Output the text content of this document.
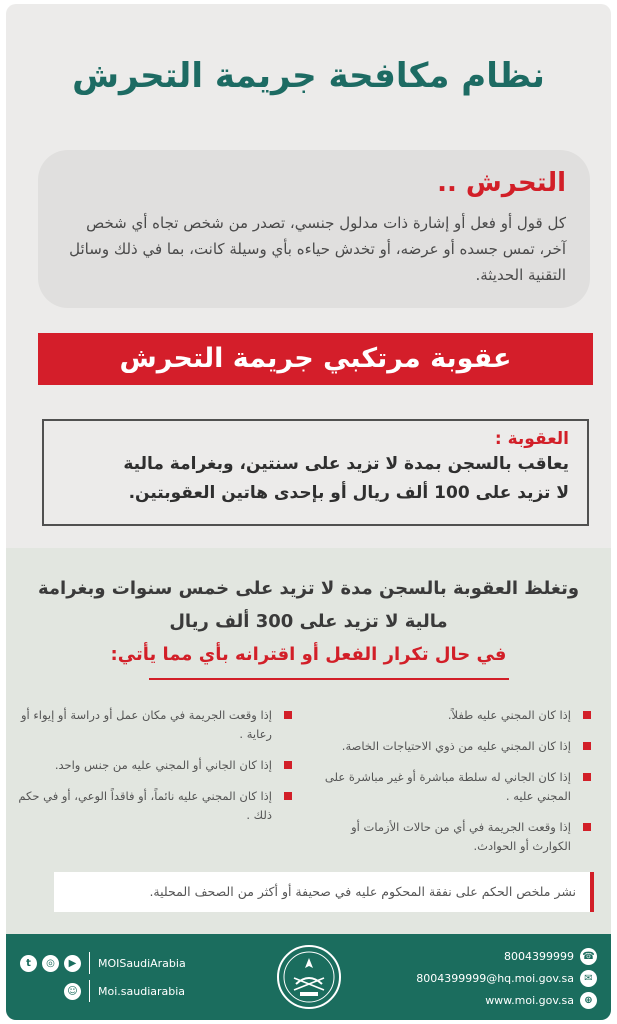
نظام مكافحة جريمة التحرش
التحرش ..
كل قول أو فعل أو إشارة ذات مدلول جنسي، تصدر من شخص تجاه أي شخص آخر، تمس جسده أو عرضه، أو تخدش حياءه بأي وسيلة كانت، بما في ذلك وسائل التقنية الحديثة.
عقوبة مرتكبي جريمة التحرش
العقوبة :
يعاقب بالسجن بمدة لا تزيد على سنتين، وبغرامة مالية
لا تزيد على 100 ألف ريال أو بإحدى هاتين العقوبتين.
وتغلظ العقوبة بالسجن مدة لا تزيد على خمس سنوات وبغرامة
مالية لا تزيد على 300 ألف ريال
في حال تكرار الفعل أو اقترانه بأي مما يأتي:
إذا كان المجني عليه طفلاً.
إذا كان المجني عليه من ذوي الاحتياجات الخاصة.
إذا كان الجاني له سلطة مباشرة أو غير مباشرة على المجني عليه .
إذا وقعت الجريمة في أي من حالات الأزمات أو الكوارث أو الحوادث.
إذا وقعت الجريمة في مكان عمل أو دراسة أو إيواء أو رعاية .
إذا كان الجاني أو المجني عليه من جنس واحد.
إذا كان المجني عليه نائماً، أو فاقداً الوعي، أو في حكم ذلك .
نشر ملخص الحكم على نفقة المحكوم عليه في صحيفة أو أكثر من الصحف المحلية.
t	◎	▶	MOISaudiArabia
☺ Moi.saudiarabia
8004399999 ☎
8004399999@hq.moi.gov.sa	✉
www.moi.gov.sa	⊕
